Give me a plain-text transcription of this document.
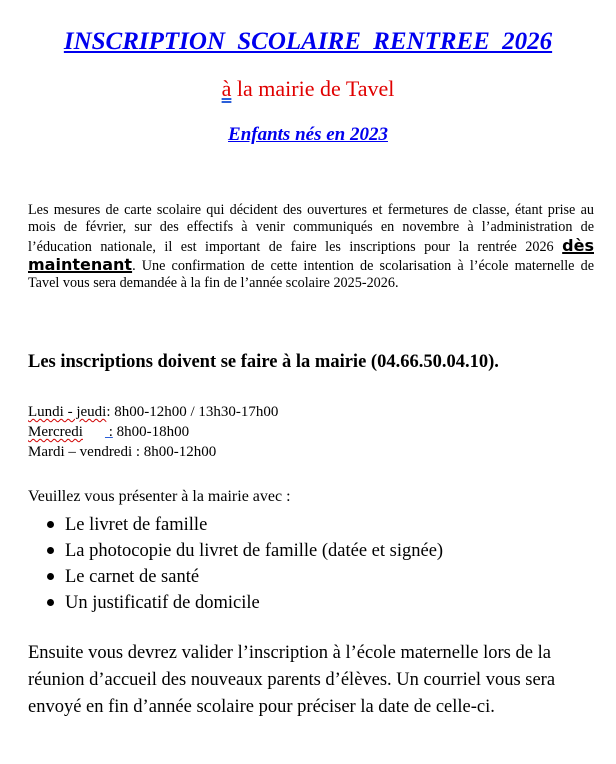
INSCRIPTION SCOLAIRE RENTREE 2026
à la mairie de Tavel
Enfants nés en 2023

Les mesures de carte scolaire qui décident des ouvertures et fermetures de classe, étant prise au mois de février, sur des effectifs à venir communiqués en novembre à l’administration de l’éducation nationale, il est important de faire les inscriptions pour la rentrée 2026 dès maintenant. Une confirmation de cette intention de scolarisation à l’école maternelle de Tavel vous sera demandée à la fin de l’année scolaire 2025-2026.

Les inscriptions doivent se faire à la mairie (04.66.50.04.10).
Lundi - jeudi: 8h00-12h00 / 13h30-17h00
Mercredi : 8h00-18h00
Mardi – vendredi : 8h00-12h00
Veuillez vous présenter à la mairie avec :
Le livret de famille
La photocopie du livret de famille (datée et signée)
Le carnet de santé
Un justificatif de domicile

Ensuite vous devrez valider l’inscription à l’école maternelle lors de la réunion d’accueil des nouveaux parents d’élèves. Un courriel vous sera envoyé en fin d’année scolaire pour préciser la date de celle-ci.
